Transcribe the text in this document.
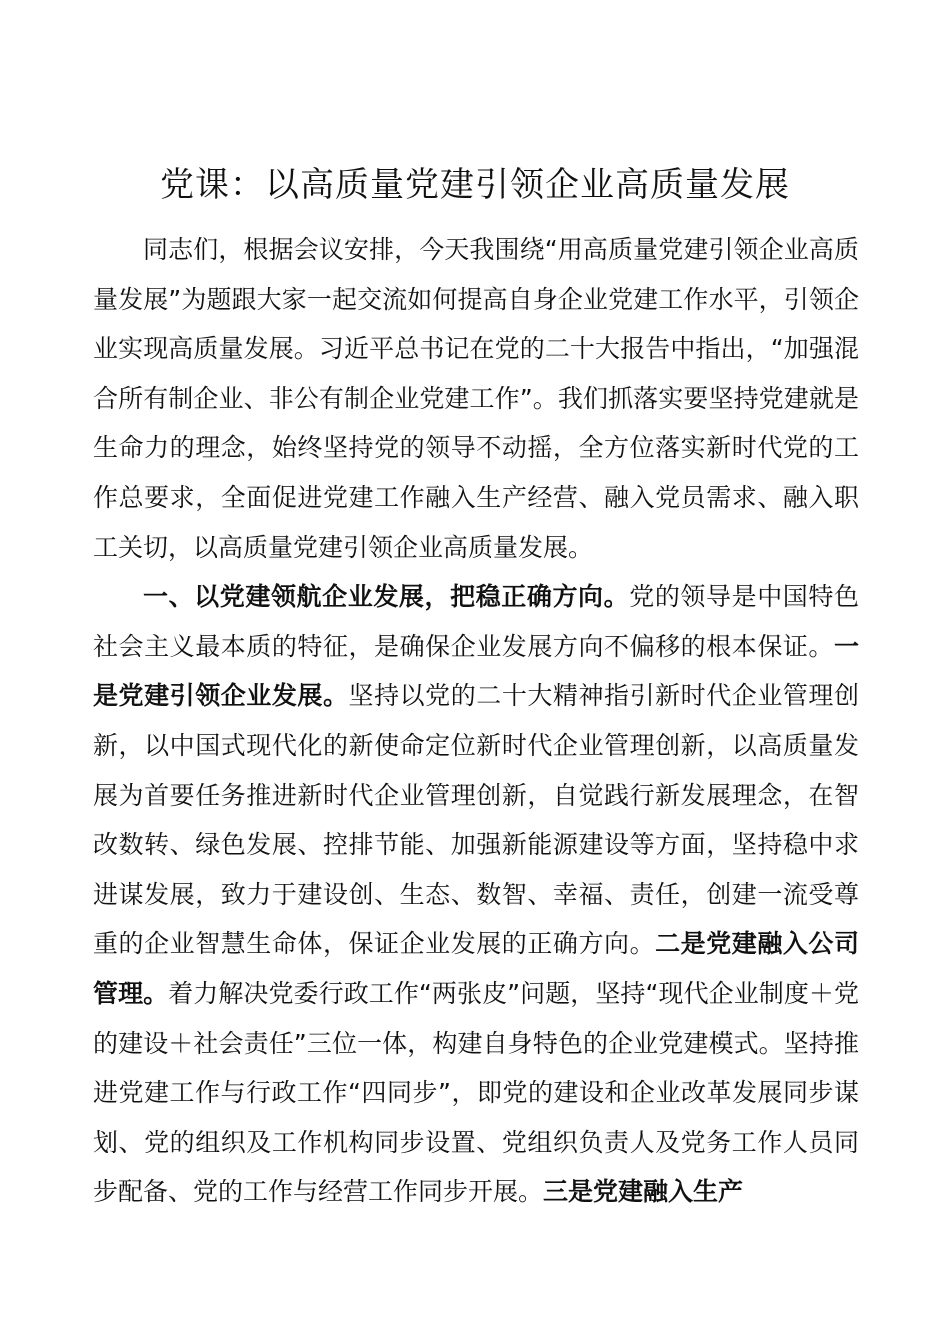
党课：以高质量党建引领企业高质量发展

同志们，根据会议安排，今天我围绕“用高质量党建引领企业高质量发展”为题跟大家一起交流如何提高自身企业党建工作水平，引领企业实现高质量发展。习近平总书记在党的二十大报告中指出，“加强混合所有制企业、非公有制企业党建工作”。我们抓落实要坚持党建就是生命力的理念，始终坚持党的领导不动摇，全方位落实新时代党的工作总要求，全面促进党建工作融入生产经营、融入党员需求、融入职工关切，以高质量党建引领企业高质量发展。

一、以党建领航企业发展，把稳正确方向。党的领导是中国特色社会主义最本质的特征，是确保企业发展方向不偏移的根本保证。一是党建引领企业发展。坚持以党的二十大精神指引新时代企业管理创新，以中国式现代化的新使命定位新时代企业管理创新，以高质量发展为首要任务推进新时代企业管理创新，自觉践行新发展理念，在智改数转、绿色发展、控排节能、加强新能源建设等方面，坚持稳中求进谋发展，致力于建设创、生态、数智、幸福、责任，创建一流受尊重的企业智慧生命体，保证企业发展的正确方向。二是党建融入公司管理。着力解决党委行政工作“两张皮”问题，坚持“现代企业制度＋党的建设＋社会责任”三位一体，构建自身特色的企业党建模式。坚持推进党建工作与行政工作“四同步”，即党的建设和企业改革发展同步谋划、党的组织及工作机构同步设置、党组织负责人及党务工作人员同步配备、党的工作与经营工作同步开展。三是党建融入生产
